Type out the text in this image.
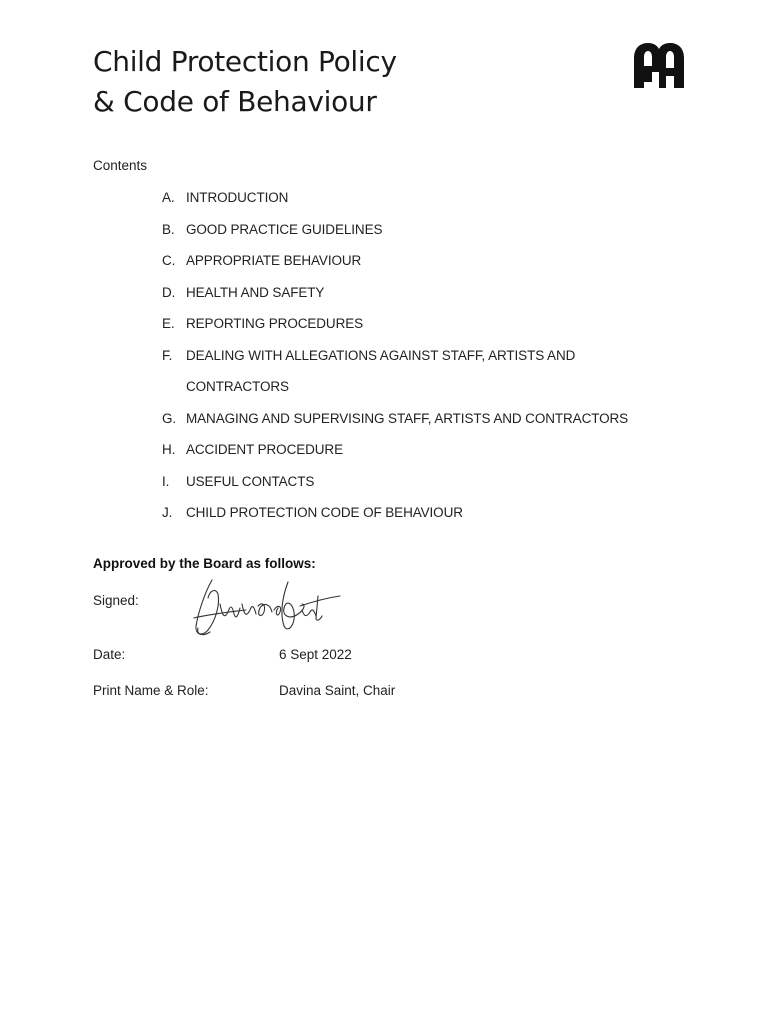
Child Protection Policy
& Code of Behaviour
Contents
A. INTRODUCTION
B. GOOD PRACTICE GUIDELINES
C. APPROPRIATE BEHAVIOUR
D. HEALTH AND SAFETY
E. REPORTING PROCEDURES
F.	DEALING WITH ALLEGATIONS AGAINST STAFF, ARTISTS AND CONTRACTORS
G. MANAGING AND SUPERVISING STAFF, ARTISTS AND CONTRACTORS
H. ACCIDENT PROCEDURE
I.	USEFUL CONTACTS
J.	CHILD PROTECTION CODE OF BEHAVIOUR
Approved by the Board as follows:
Signed:
Date:	6 Sept 2022
Print Name & Role:	Davina Saint, Chair
